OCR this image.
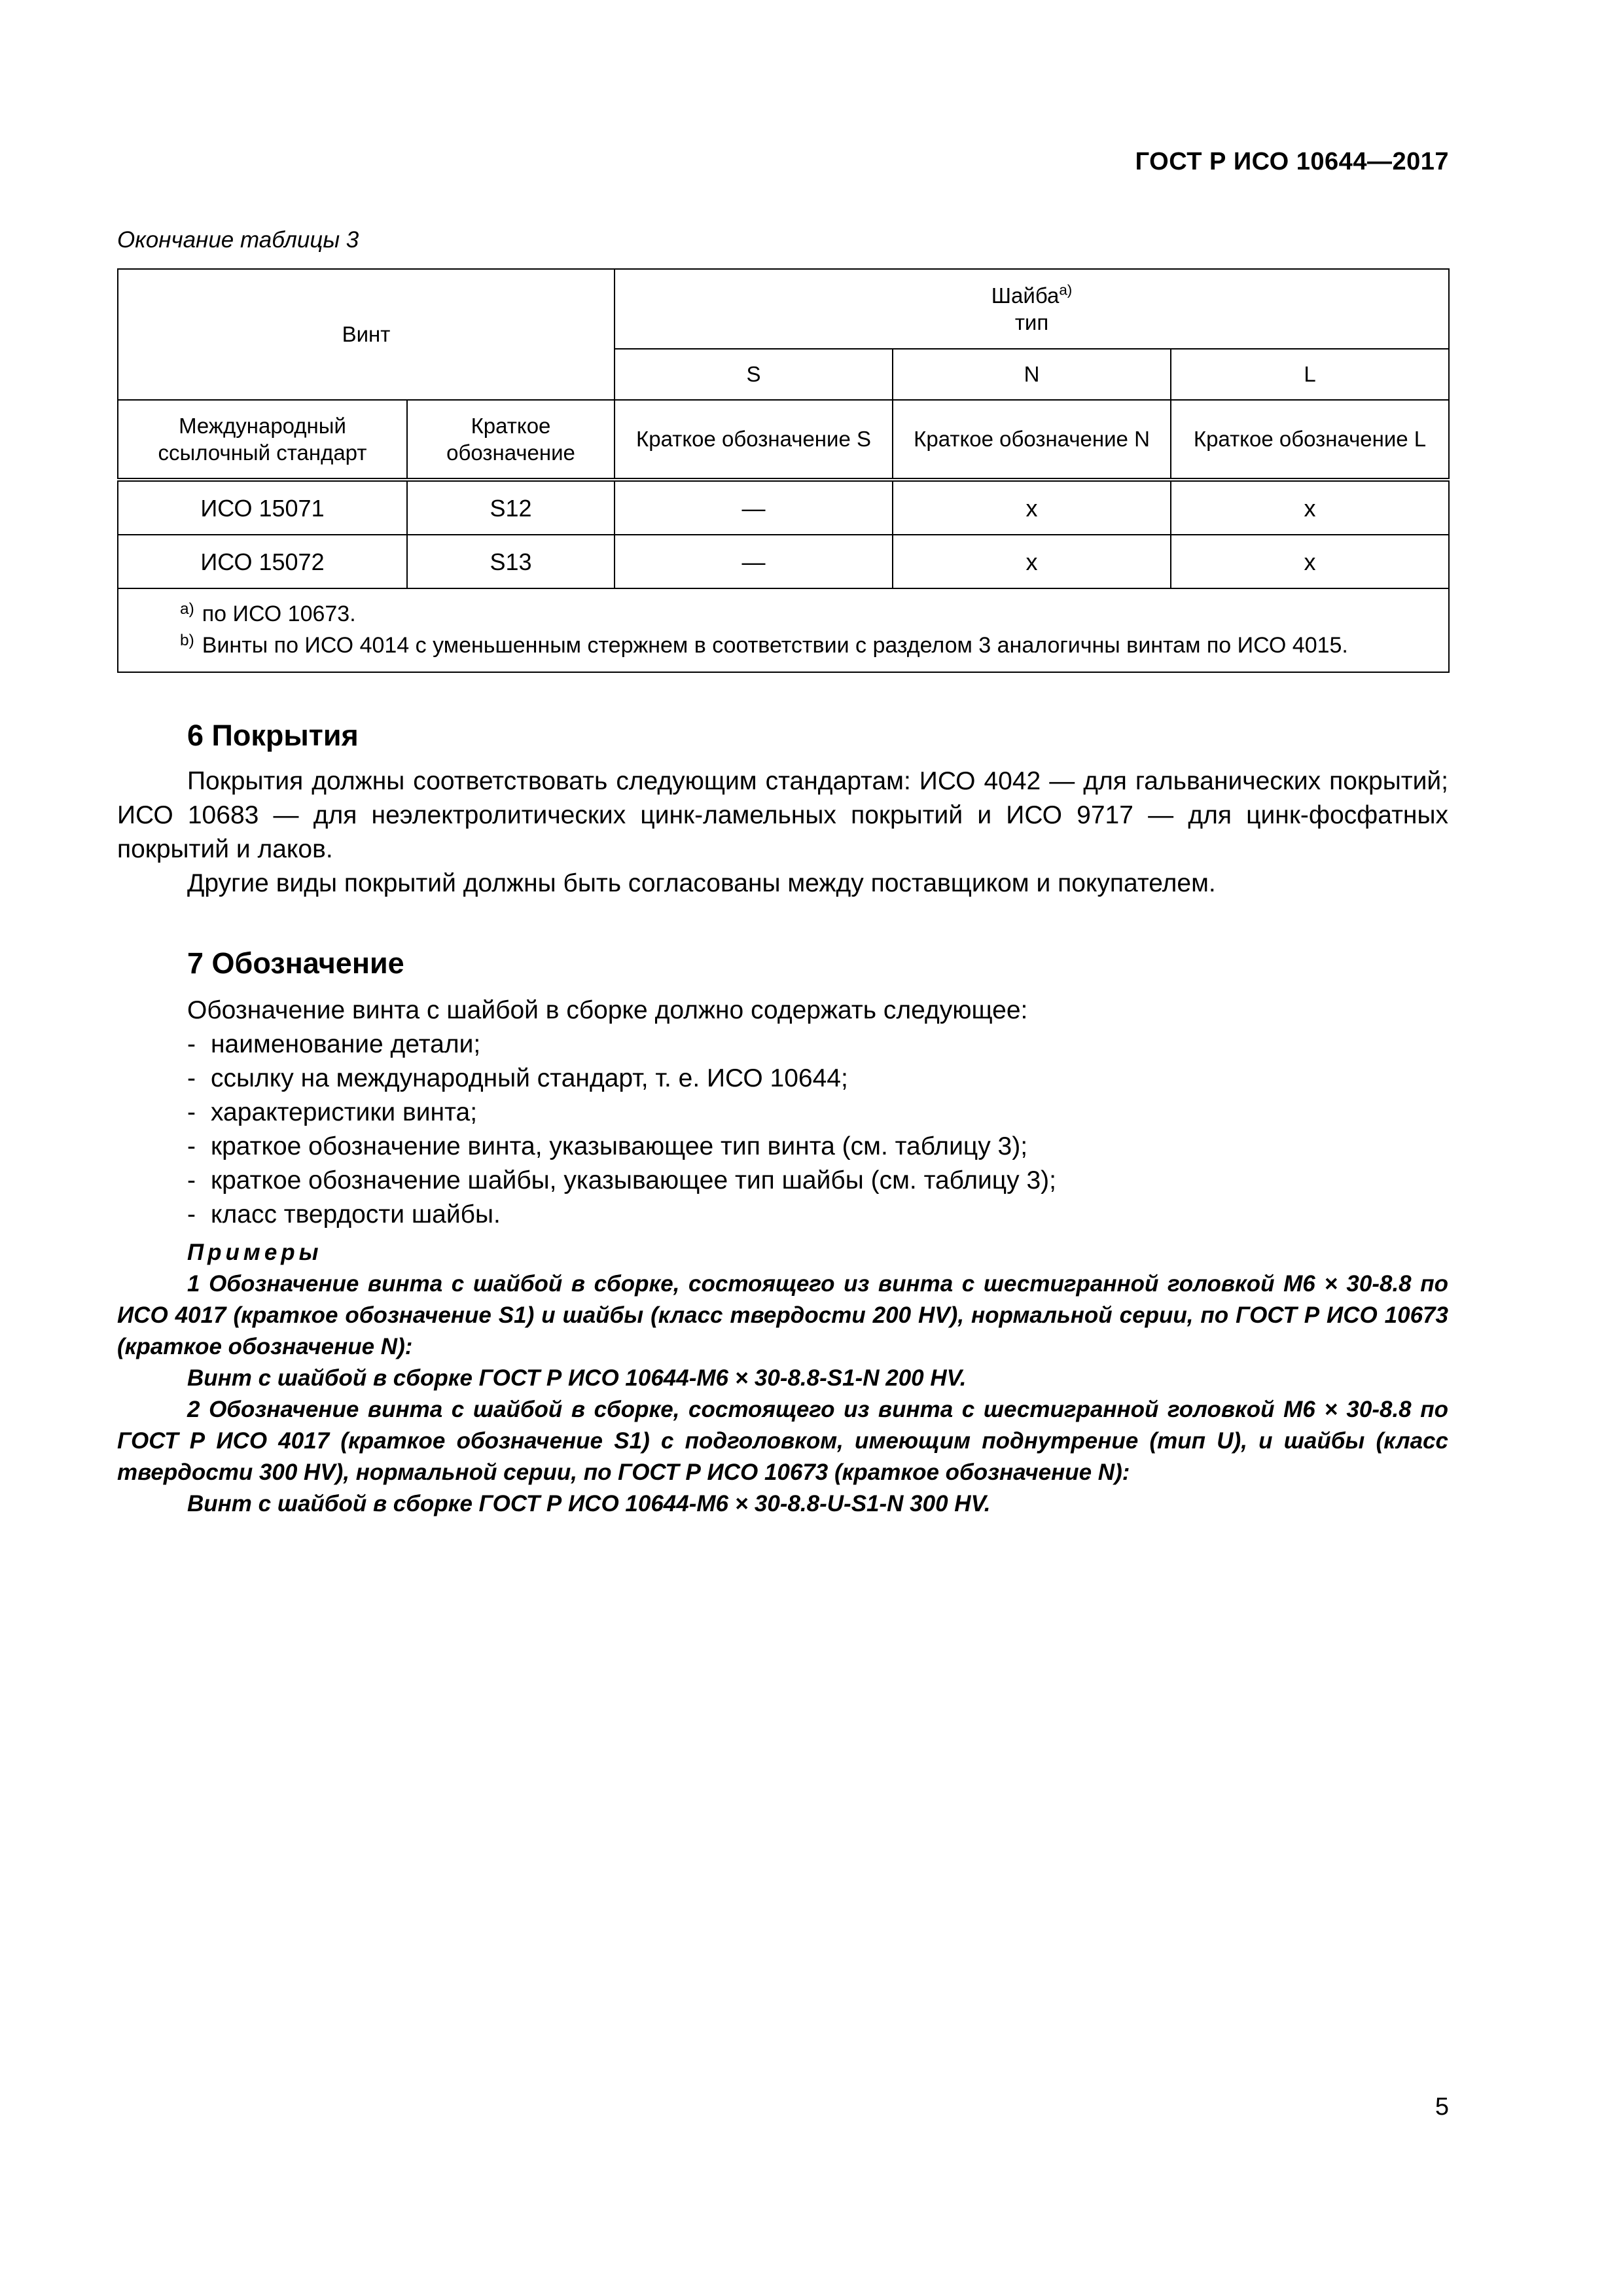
ГОСТ Р ИСО 10644—2017
Окончание таблицы 3
Винт		Шайба$^{a)}$
тип		
		S	N	L
Международный ссылочный стандарт	Краткое обозначение	Краткое обозначение S	Краткое обозначение N	Краткое обозначение L
ИСО 15071	S12	—	x	x
ИСО 15072	S13	—	x	x

$^{a)}$ по ИСО 10673.
$^{b)}$ Винты по ИСО 4014 с уменьшенным стержнем в соответствии с разделом 3 аналогичны винтам по ИСО 4015.				
6 Покрытия
Покрытия должны соответствовать следующим стандартам: ИСО 4042 — для гальванических покрытий; ИСО 10683 — для неэлектролитических цинк-ламельных покрытий и ИСО 9717 — для цинк-фосфатных покрытий и лаков.
Другие виды покрытий должны быть согласованы между поставщиком и покупателем.
7 Обозначение
Обозначение винта с шайбой в сборке должно содержать следующее:
- наименование детали;
- ссылку на международный стандарт, т. е. ИСО 10644;
- характеристики винта;
- краткое обозначение винта, указывающее тип винта (см. таблицу 3);
- краткое обозначение шайбы, указывающее тип шайбы (см. таблицу 3);
- класс твердости шайбы.
Примеры

1 Обозначение винта с шайбой в сборке, состоящего из винта с шестигранной головкой М6 × 30-8.8 по ИСО 4017 (краткое обозначение S1) и шайбы (класс твердости 200 HV), нормальной серии, по ГОСТ Р ИСО 10673 (краткое обозначение N):

Винт с шайбой в сборке ГОСТ Р ИСО 10644-М6 × 30-8.8-S1-N 200 HV.

2 Обозначение винта с шайбой в сборке, состоящего из винта с шестигранной головкой М6 × 30-8.8 по ГОСТ Р ИСО 4017 (краткое обозначение S1) с подголовком, имеющим поднутрение (тип U), и шайбы (класс твердости 300 HV), нормальной серии, по ГОСТ Р ИСО 10673 (краткое обозначение N):

Винт с шайбой в сборке ГОСТ Р ИСО 10644-М6 × 30-8.8-U-S1-N 300 HV.

5
